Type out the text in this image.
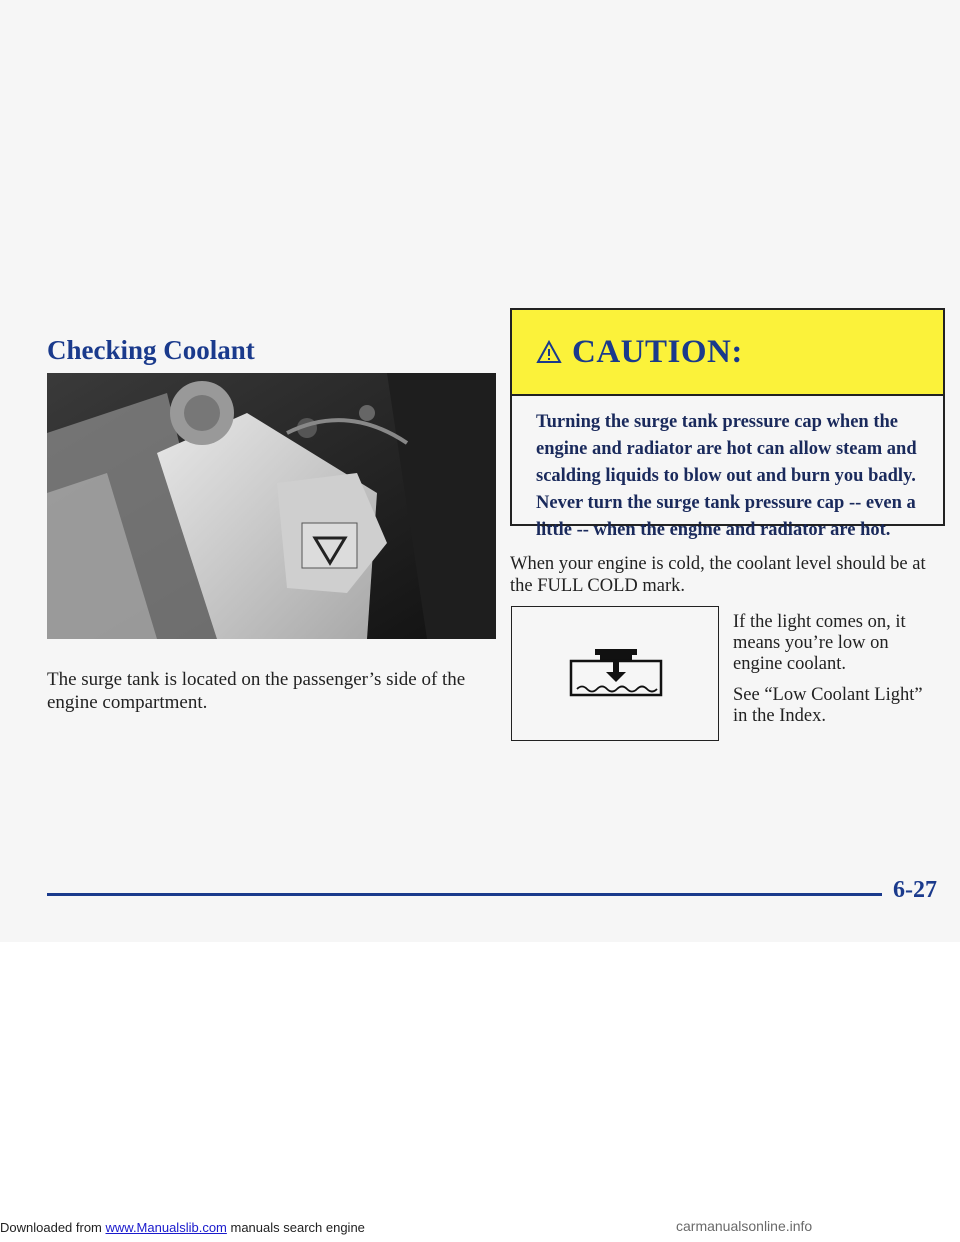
Checking Coolant
The surge tank is located on the passenger’s side of the engine compartment.
CAUTION:
Turning the surge tank pressure cap when the engine and radiator are hot can allow steam and scalding liquids to blow out and burn you badly. Never turn the surge tank pressure cap -- even a little -- when the engine and radiator are hot.
When your engine is cold, the coolant level should be at the FULL COLD mark.

If the light comes on, it means you’re low on engine coolant.

See “Low Coolant Light” in the Index.

6-27
Downloaded from www.Manualslib.com manuals search engine	carmanualsonline.info
